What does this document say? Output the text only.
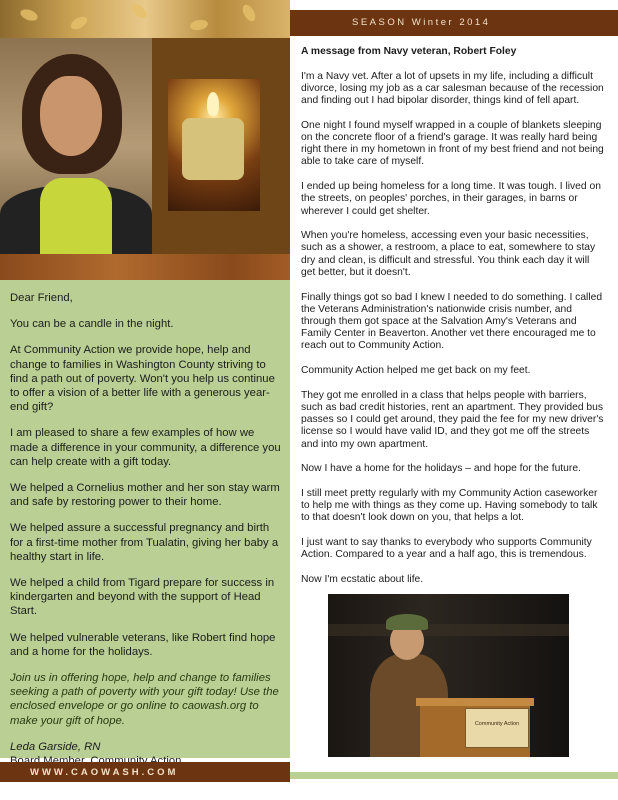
SEASON Winter 2014

Dear Friend,

You can be a candle in the night.

At Community Action we provide hope, help and change to families in Washington County striving to find a path out of poverty. Won't you help us continue to offer a vision of a better life with a generous year-end gift?

I am pleased to share a few examples of how we made a difference in your community, a difference you can help create with a gift today.

We helped a Cornelius mother and her son stay warm and safe by restoring power to their home.

We helped assure a successful pregnancy and birth for a first-time mother from Tualatin, giving her baby a healthy start in life.

We helped a child from Tigard prepare for success in kindergarten and beyond with the support of Head Start.

We helped vulnerable veterans, like Robert find hope and a home for the holidays.

Join us in offering hope, help and change to families seeking a path of poverty with your gift today! Use the enclosed envelope or go online to caowash.org to make your gift of hope.

Leda Garside, RN

WWW.CAOWASH.COM

A message from Navy veteran, Robert Foley

I'm a Navy vet. After a lot of upsets in my life, including a difficult divorce, losing my job as a car salesman because of the recession and finding out I had bipolar disorder, things kind of fell apart.

One night I found myself wrapped in a couple of blankets sleeping on the concrete floor of a friend's garage. It was really hard being right there in my hometown in front of my best friend and not being able to take care of myself.

I ended up being homeless for a long time. It was tough. I lived on the streets, on peoples' porches, in their garages, in barns or wherever I could get shelter.

When you're homeless, accessing even your basic necessities, such as a shower, a restroom, a place to eat, somewhere to stay dry and clean, is difficult and stressful. You think each day it will get better, but it doesn't.

Finally things got so bad I knew I needed to do something. I called the Veterans Administration's nationwide crisis number, and through them got space at the Salvation Amy's Veterans and Family Center in Beaverton. Another vet there encouraged me to reach out to Community Action.

Community Action helped me get back on my feet.

They got me enrolled in a class that helps people with barriers, such as bad credit histories, rent an apartment. They provided bus passes so I could get around, they paid the fee for my new driver's license so I would have valid ID, and they got me off the streets and into my own apartment.

Now I have a home for the holidays – and hope for the future.

I still meet pretty regularly with my Community Action caseworker to help me with things as they come up. Having somebody to talk to that doesn't look down on you, that helps a lot.

I just want to say thanks to everybody who supports Community Action. Compared to a year and a half ago, this is tremendous.

Now I'm ecstatic about life.

Community Action
